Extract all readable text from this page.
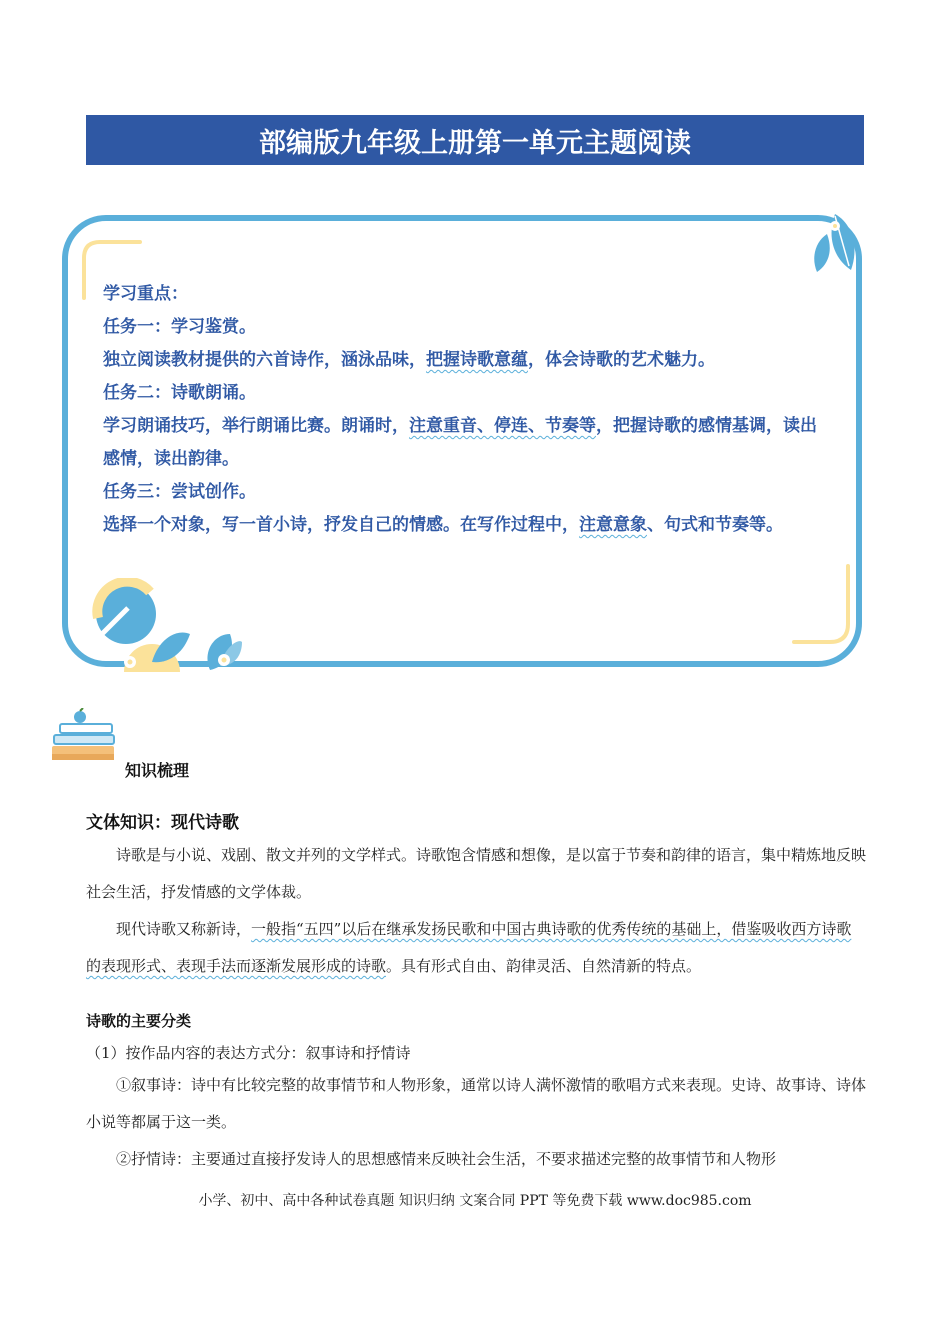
部编版九年级上册第一单元主题阅读

学习重点：

任务一：学习鉴赏。

独立阅读教材提供的六首诗作，涵泳品味，把握诗歌意蕴，体会诗歌的艺术魅力。

任务二：诗歌朗诵。

学习朗诵技巧，举行朗诵比赛。朗诵时，注意重音、停连、节奏等，把握诗歌的感情基调，读出感情，读出韵律。

任务三：尝试创作。

选择一个对象，写一首小诗，抒发自己的情感。在写作过程中，注意意象、句式和节奏等。

知识梳理
文体知识：现代诗歌

诗歌是与小说、戏剧、散文并列的文学样式。诗歌饱含情感和想像，是以富于节奏和韵律的语言，集中精炼地反映社会生活，抒发情感的文学体裁。

现代诗歌又称新诗，一般指“五四”以后在继承发扬民歌和中国古典诗歌的优秀传统的基础上，借鉴吸收西方诗歌的表现形式、表现手法而逐渐发展形成的诗歌。具有形式自由、韵律灵活、自然清新的特点。

诗歌的主要分类
（1）按作品内容的表达方式分：叙事诗和抒情诗

①叙事诗：诗中有比较完整的故事情节和人物形象，通常以诗人满怀激情的歌唱方式来表现。史诗、故事诗、诗体小说等都属于这一类。

②抒情诗：主要通过直接抒发诗人的思想感情来反映社会生活，不要求描述完整的故事情节和人物形

小学、初中、高中各种试卷真题 知识归纳 文案合同 PPT 等免费下载 www.doc985.com
